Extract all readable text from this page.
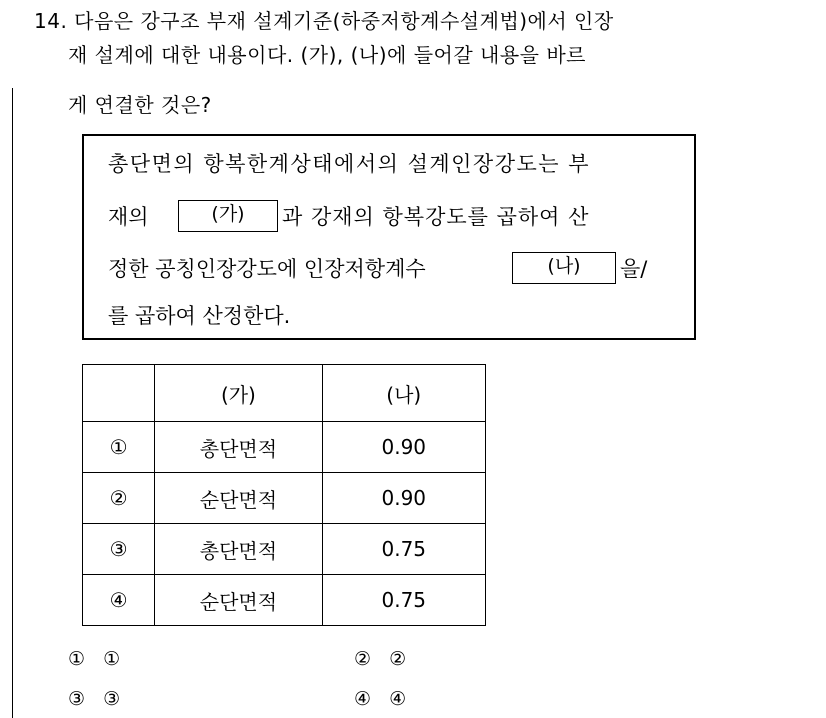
14. 다음은 강구조 부재 설계기준(하중저항계수설계법)에서 인장
재 설계에 대한 내용이다. (가), (나)에 들어갈 내용을 바르
게 연결한 것은?
총단면의 항복한계상태에서의 설계인장강도는 부
재의	(가)	과 강재의 항복강도를 곱하여 산
정한 공칭인장강도에 인장저항계수	(나)	을/
를 곱하여 산정한다.
	(가)	(나)
①	총단면적	0.90
②	순단면적	0.90
③	총단면적	0.75
④	순단면적	0.75
① ①	② ②
③ ③	④ ④
